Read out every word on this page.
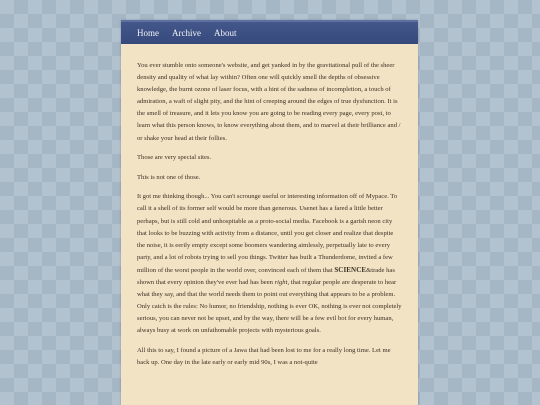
Home Archive About

You ever stumble onto someone's website, and get yanked in by the gravitational pull of the sheer density and quality of what lay within? Often one will quickly smell the depths of obsessive knowledge, the burnt ozone of laser focus, with a hint of the sadness of incompletion, a touch of admiration, a waft of slight pity, and the hint of creeping around the edges of true dysfunction. It is the smell of treasure, and it lets you know you are going to be reading every page, every post, to learn what this person knows, to know everything about them, and to marvel at their brilliance and / or shake your head at their follies.

Those are very special sites.

This is not one of those.

It got me thinking though... You can't scrounge useful or interesting information off of Mypace. To call it a shell of its former self would be more than generous. Usenet has a fared a little better perhaps, but is still cold and unhospitable as a proto-social media. Facebook is a garish neon city that looks to be buzzing with activity from a distance, until you get closer and realize that despite the noise, it is eerily empty except some boomers wandering aimlessly, perpetually late to every party, and a lot of robots trying to sell you things. Twitter has built a Thunderdome, invited a few million of the worst people in the world over, convinced each of them that SCIENCE&trade has shown that every opinion they've ever had has been right, that regular people are desperate to hear what they say, and that the world needs them to point out everything that appears to be a problem. Only catch is the rules: No humor, no friendship, nothing is ever OK, nothing is ever not completely serious, you can never not be upset, and by the way, there will be a few evil bot for every human, always busy at work on unfathomable projects with mysterious goals.

All this to say, I found a picture of a Jawa that had been lost to me for a really long time. Let me back up. One day in the late early or early mid 90s, I was a not-quite
